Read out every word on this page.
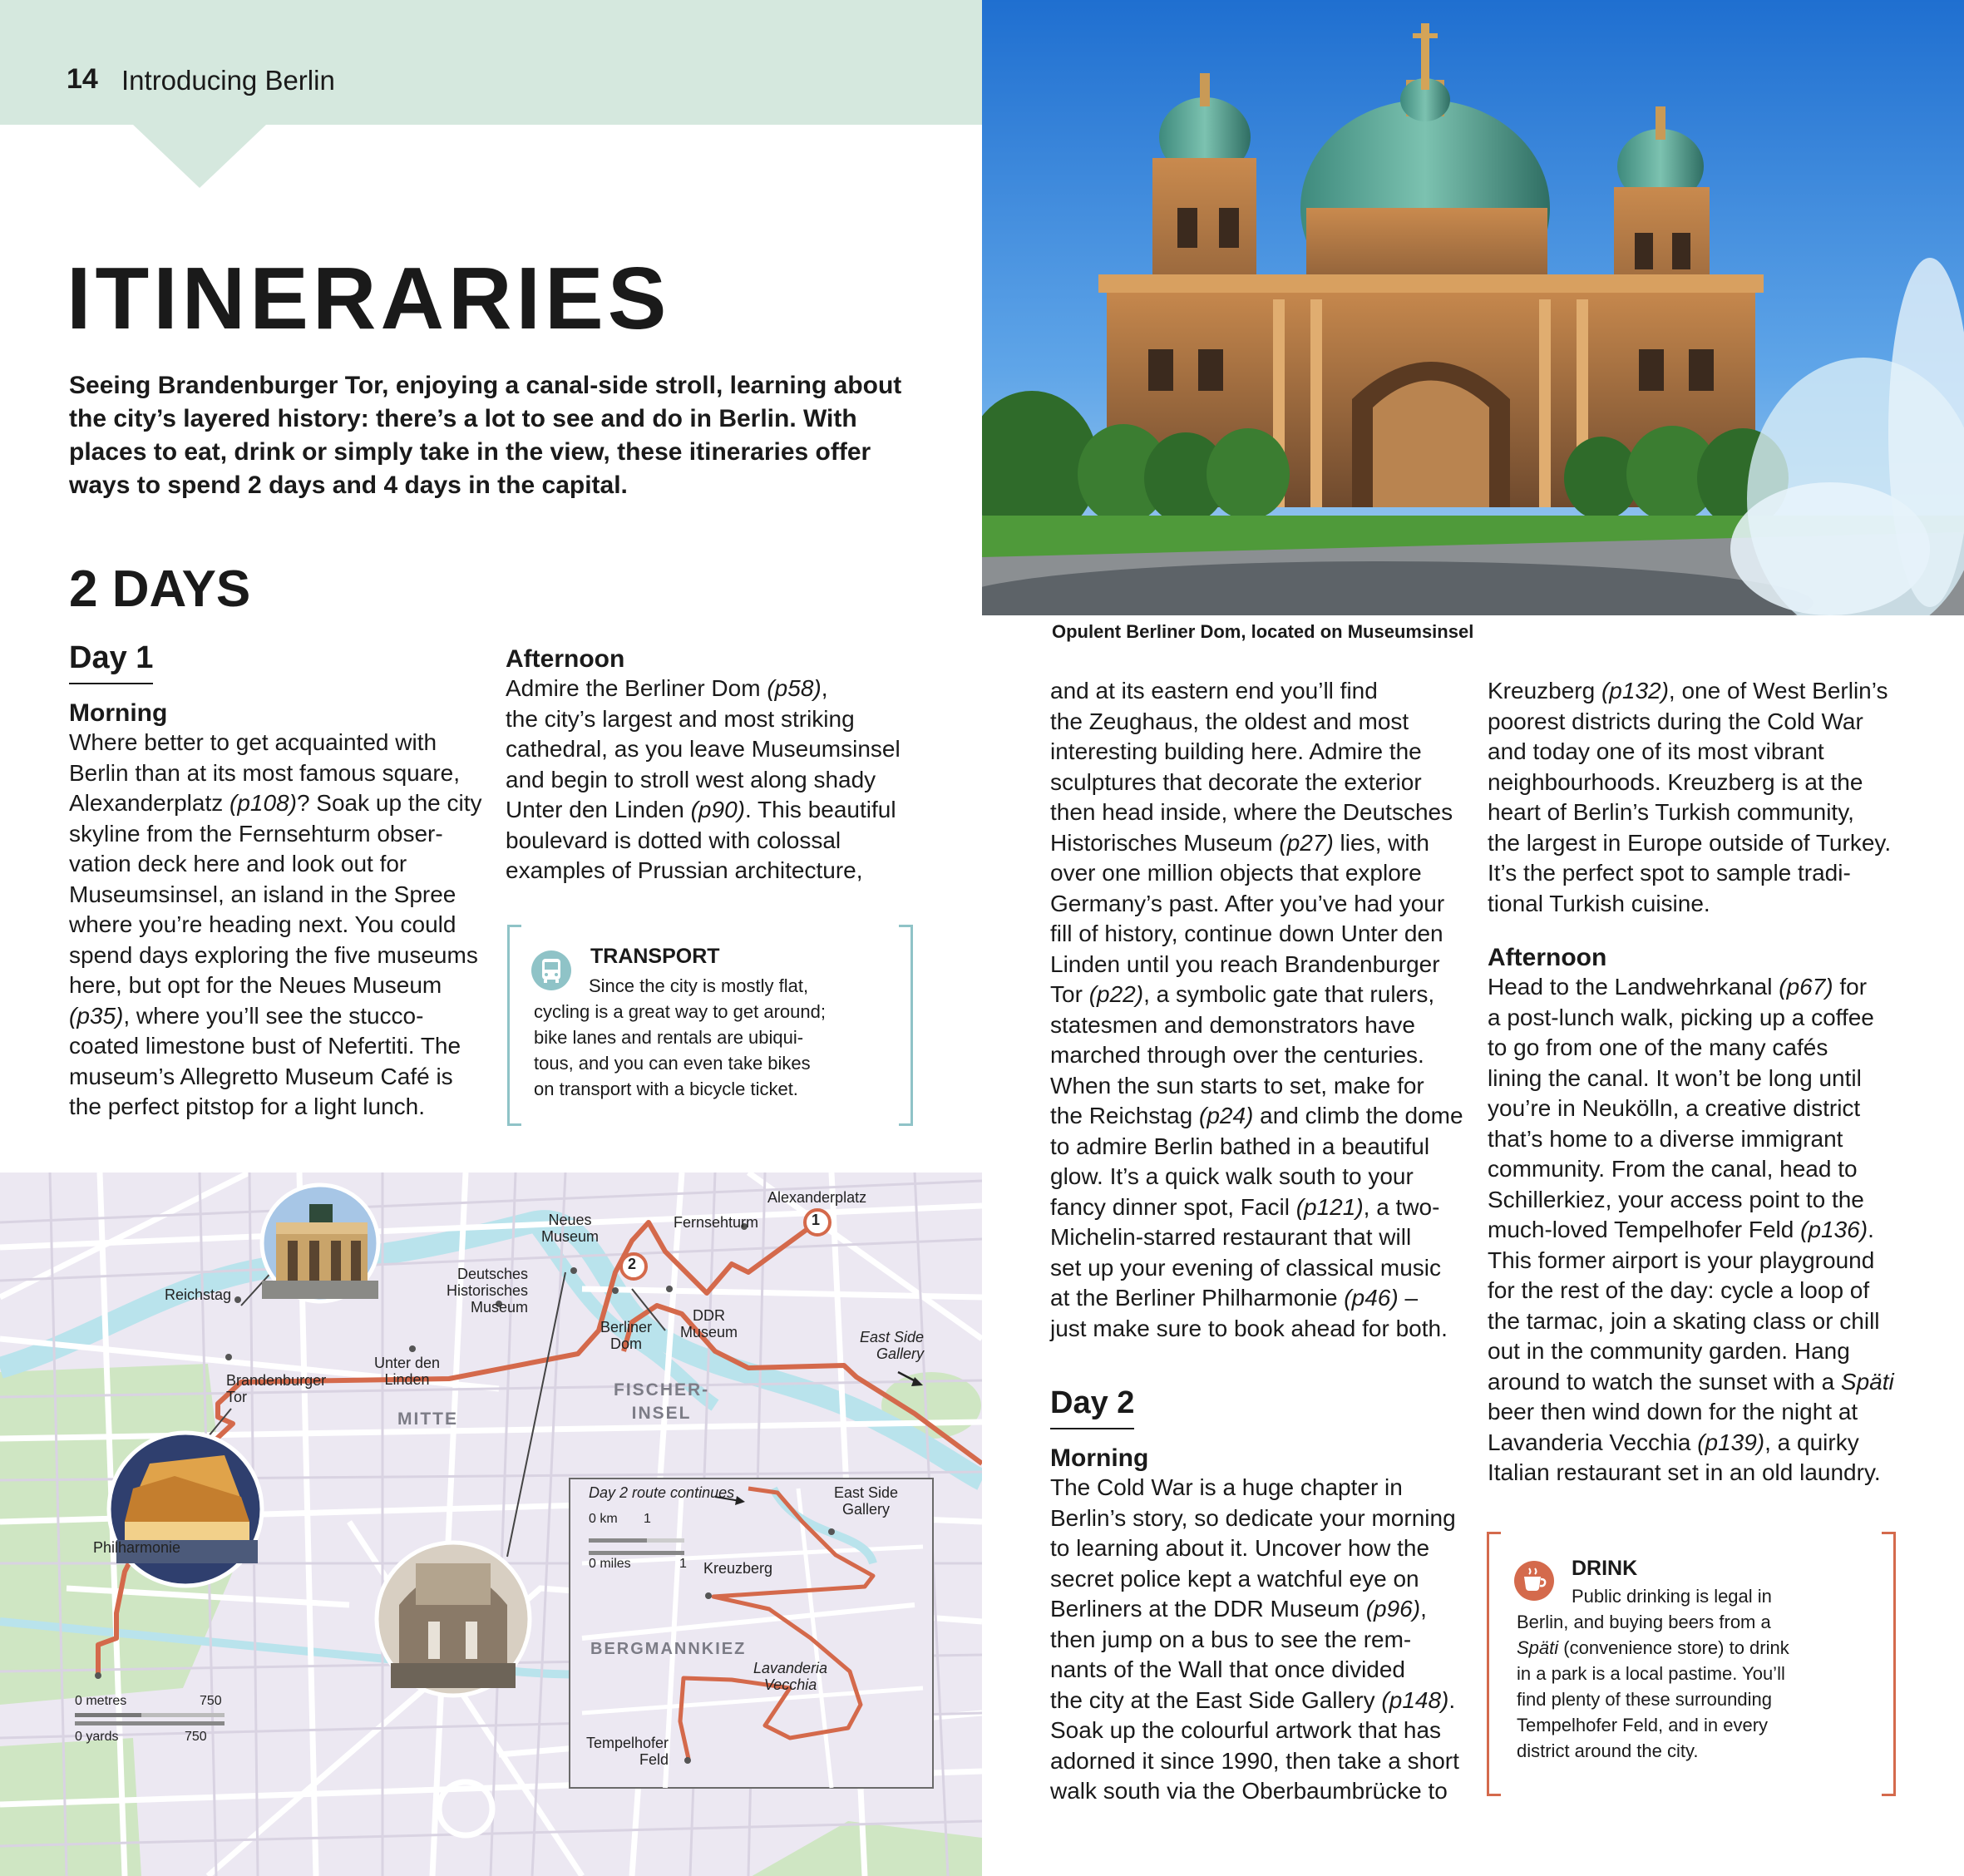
14 Introducing Berlin
ITINERARIES
Seeing Brandenburger Tor, enjoying a canal-side stroll, learning about the city’s layered history: there’s a lot to see and do in Berlin. With places to eat, drink or simply take in the view, these itineraries offer ways to spend 2 days and 4 days in the capital.
2 DAYS
Day 1
Morning
Where better to get acquainted with
Berlin than at its most famous square,
Alexanderplatz (p108)? Soak up the city
skyline from the Fernsehturm obser-
vation deck here and look out for
Museumsinsel, an island in the Spree
where you’re heading next. You could
spend days exploring the five museums
here, but opt for the Neues Museum
(p35), where you’ll see the stucco-
coated limestone bust of Nefertiti. The
museum’s Allegretto Museum Café is
the perfect pitstop for a light lunch.
Afternoon
Admire the Berliner Dom (p58),
the city’s largest and most striking
cathedral, as you leave Museumsinsel
and begin to stroll west along shady
Unter den Linden (p90). This beautiful
boulevard is dotted with colossal
examples of Prussian architecture,
TRANSPORT
Since the city is mostly flat,
cycling is a great way to get around;
bike lanes and rentals are ubiqui-
tous, and you can even take bikes
on transport with a bicycle ticket.
Opulent Berliner Dom, located on Museumsinsel
and at its eastern end you’ll find
the Zeughaus, the oldest and most
interesting building here. Admire the
sculptures that decorate the exterior
then head inside, where the Deutsches
Historisches Museum (p27) lies, with
over one million objects that explore
Germany’s past. After you’ve had your
fill of history, continue down Unter den
Linden until you reach Brandenburger
Tor (p22), a symbolic gate that rulers,
statesmen and demonstrators have
marched through over the centuries.
When the sun starts to set, make for
the Reichstag (p24) and climb the dome
to admire Berlin bathed in a beautiful
glow. It’s a quick walk south to your
fancy dinner spot, Facil (p121), a two-
Michelin-starred restaurant that will
set up your evening of classical music
at the Berliner Philharmonie (p46) –
just make sure to book ahead for both.
Day 2
Morning
The Cold War is a huge chapter in
Berlin’s story, so dedicate your morning
to learning about it. Uncover how the
secret police kept a watchful eye on
Berliners at the DDR Museum (p96),
then jump on a bus to see the rem-
nants of the Wall that once divided
the city at the East Side Gallery (p148).
Soak up the colourful artwork that has
adorned it since 1990, then take a short
walk south via the Oberbaumbrücke to
Kreuzberg (p132), one of West Berlin’s
poorest districts during the Cold War
and today one of its most vibrant
neighbourhoods. Kreuzberg is at the
heart of Berlin’s Turkish community,
the largest in Europe outside of Turkey.
It’s the perfect spot to sample tradi-
tional Turkish cuisine.
Afternoon
Head to the Landwehrkanal (p67) for
a post-lunch walk, picking up a coffee
to go from one of the many cafés
lining the canal. It won’t be long until
you’re in Neukölln, a creative district
that’s home to a diverse immigrant
community. From the canal, head to
Schillerkiez, your access point to the
much-loved Tempelhofer Feld (p136).
This former airport is your playground
for the rest of the day: cycle a loop of
the tarmac, join a skating class or chill
out in the community garden. Hang
around to watch the sunset with a Späti
beer then wind down for the night at
Lavanderia Vecchia (p139), a quirky
Italian restaurant set in an old laundry.
DRINK
Public drinking is legal in
Berlin, and buying beers from a
Späti (convenience store) to drink
in a park is a local pastime. You’ll
find plenty of these surrounding
Tempelhofer Feld, and in every
district around the city.
Alexanderplatz
Fernsehturm
Neues
Museum
Deutsches
Historisches
Museum
Reichstag
Berliner
Dom
DDR
Museum	East Side
Gallery
Brandenburger
Tor
Unter den
Linden
MITTE
FISCHER-
INSEL
Philharmonie
1
2
Day 2 route continues	East Side
Gallery
0 km 1
0 miles	1 Kreuzberg
BERGMANNKIEZ
Lavanderia
Vecchia
Tempelhofer
Feld
0 metres	750
0 yards	750
